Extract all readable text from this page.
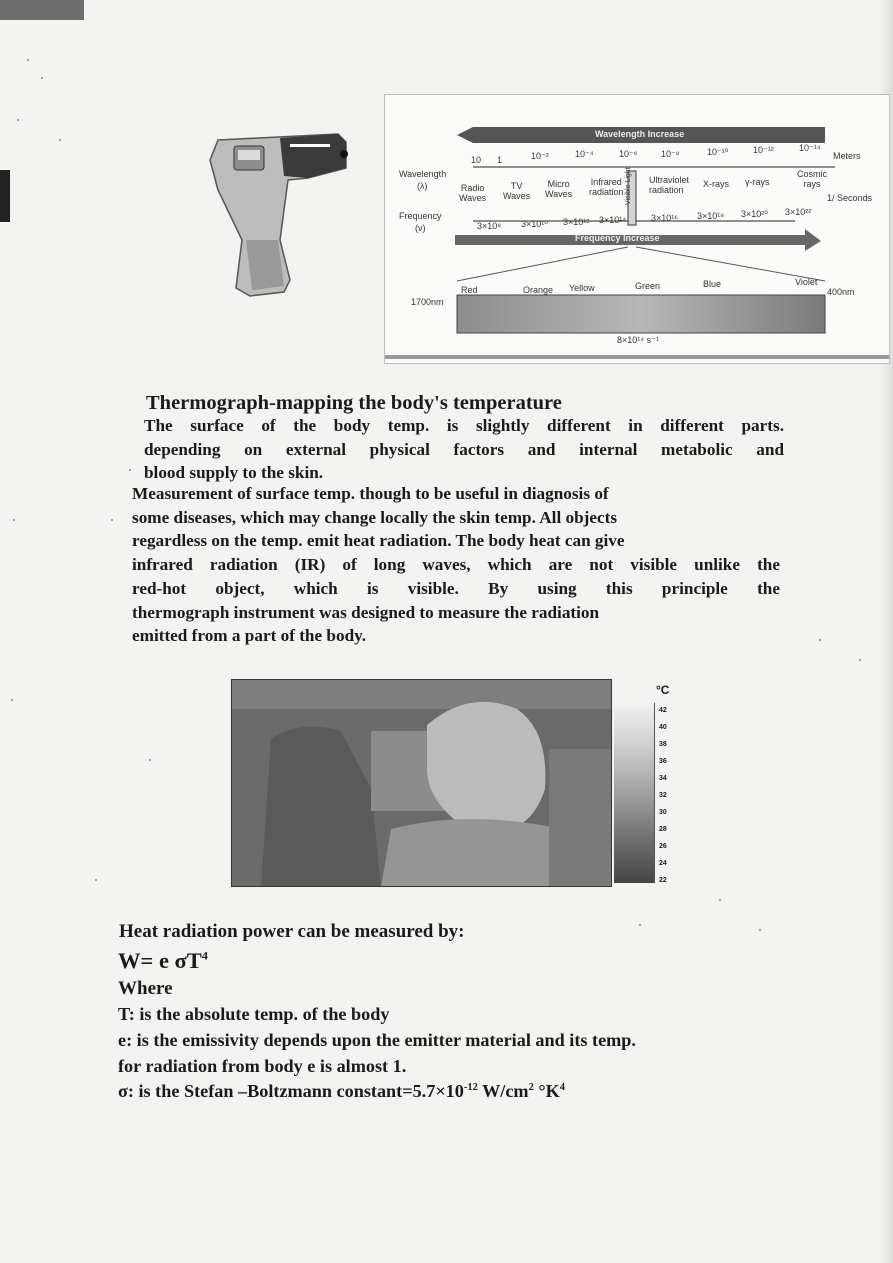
Wavelength Increase
Wavelength
(λ)
Meters
10 1	10⁻²	10⁻⁴	10⁻⁶	10⁻⁸	10⁻¹⁰	10⁻¹²	10⁻¹⁴
Radio
Waves
TV
Waves
Micro
Waves
Infrared
radiation Visible Light Ultraviolet
radiation
X-rays γ-rays
Cosmic
rays
Frequency
(ν)
1/ Seconds
3×10⁸ 3×10¹⁰ 3×10¹² 3×10¹⁴	3×10¹⁶ 3×10¹⁸ 3×10²⁰ 3×10²²
Frequency Increase
Red	Orange Yellow	Green	Blue	Violet
1700nm
400nm
8×10¹⁴ s⁻¹
Thermograph-mapping the body's temperature
The surface of the body temp. is slightly different in different parts.
depending on external physical factors and internal metabolic and
blood supply to the skin.
Measurement of surface temp. though to be useful in diagnosis of
some diseases, which may change locally the skin temp. All objects
regardless on the temp. emit heat radiation. The body heat can give
infrared radiation (IR) of long waves, which are not visible unlike the
red-hot object, which is visible. By using this principle the
thermograph instrument was designed to measure the radiation
emitted from a part of the body.
°C
42
40
38
36
34
32
30
28
26
24
22
Heat radiation power can be measured by:
W= e $\sigma T^4$
Where
T: is the absolute temp. of the body
e: is the emissivity depends upon the emitter material and its temp.
for radiation from body e is almost 1.
σ: is the Stefan –Boltzmann $constant=5.7\times 10^{-12}$ $W/cm^2$ $^\circ K^4$
